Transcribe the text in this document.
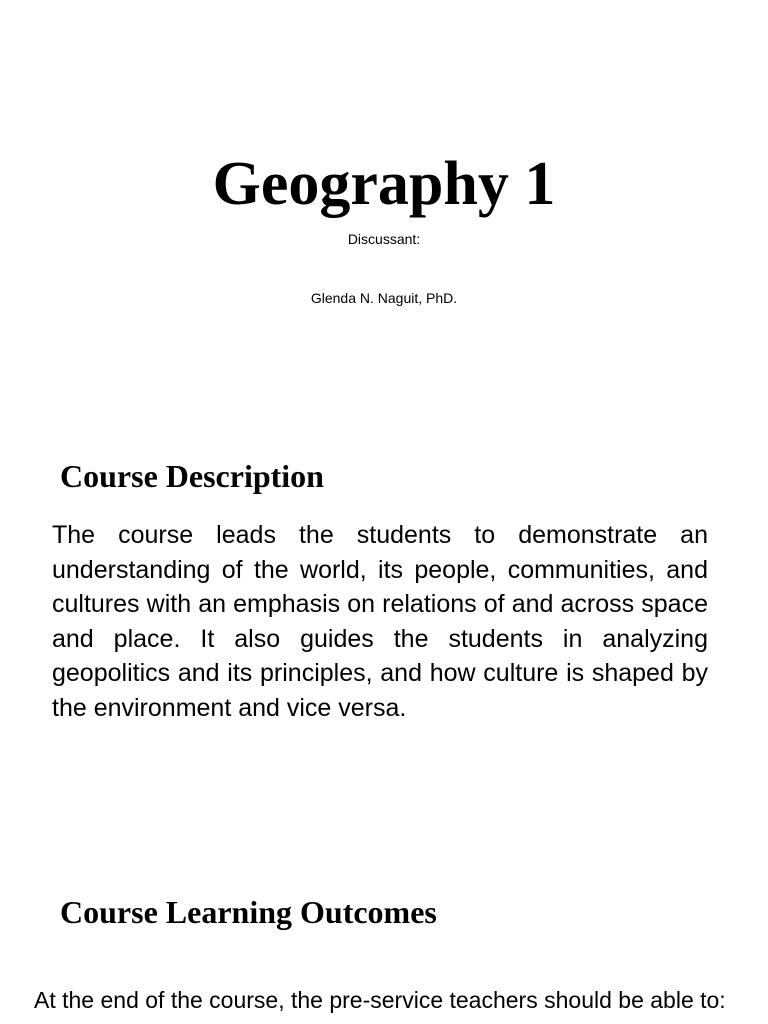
Geography 1
Discussant:
Glenda N. Naguit, PhD.
Course Description

The course leads the students to demonstrate an understanding of the world, its people, communities, and cultures with an emphasis on relations of and across space and place. It also guides the students in analyzing geopolitics and its principles, and how culture is shaped by the environment and vice versa.

Course Learning Outcomes

At the end of the course, the pre-service teachers should be able to:
